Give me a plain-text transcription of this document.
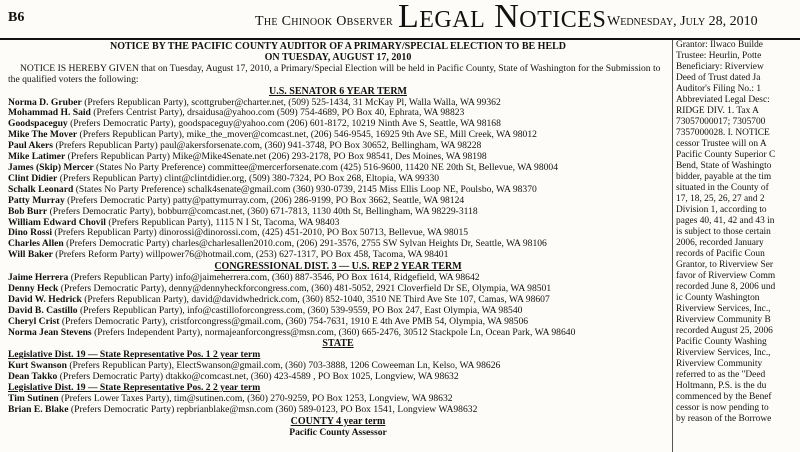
B6	The Chinook Observer Legal Notices Wednesday, July 28, 2010
NOTICE BY THE PACIFIC COUNTY AUDITOR OF A PRIMARY/SPECIAL ELECTION TO BE HELD
ON TUESDAY, AUGUST 17, 2010

NOTICE IS HEREBY GIVEN that on Tuesday, August 17, 2010, a Primary/Special Election will be held in Pacific County, State of Washington for the Submission to the qualified voters the following:

U.S. SENATOR 6 YEAR TERM
Norma D. Gruber (Prefers Republican Party), scottgruber@charter.net, (509) 525-1434, 31 McKay Pl, Walla Walla, WA 99362
Mohammad H. Said (Prefers Centrist Party), drsaidusa@yahoo.com (509) 754-4689, PO Box 40, Ephrata, WA 98823
Goodspaceguy (Prefers Democratic Party), goodspaceguy@yahoo.com (206) 601-8172, 10219 Ninth Ave S, Seattle, WA 98168
Mike The Mover (Prefers Republican Party), mike_the_mover@comcast.net, (206) 546-9545, 16925 9th Ave SE, Mill Creek, WA 98012
Paul Akers (Prefers Republican Party) paul@akersforsenate.com, (360) 941-3748, PO Box 30652, Bellingham, WA 98228
Mike Latimer (Prefers Republican Party) Mike@Mike4Senate.net (206) 293-2178, PO Box 98541, Des Moines, WA 98198
James (Skip) Mercer (States No Party Preference) committee@mercerforsenate.com (425) 516-9600, 11420 NE 20th St, Bellevue, WA 98004
Clint Didier (Prefers Republican Party) clint@clintdidier.org, (509) 380-7324, PO Box 268, Eltopia, WA 99330
Schalk Leonard (States No Party Preference) schalk4senate@gmail.com (360) 930-0739, 2145 Miss Ellis Loop NE, Poulsbo, WA 98370
Patty Murray (Prefers Democratic Party) patty@pattymurray.com, (206) 286-9199, PO Box 3662, Seattle, WA 98124
Bob Burr (Prefers Democratic Party), bobburr@comcast.net, (360) 671-7813, 1130 40th St, Bellingham, WA 98229-3118
William Edward Chovil (Prefers Republican Party), 1115 N I St, Tacoma, WA 98403
Dino Rossi (Prefers Republican Party) dinorossi@dinorossi.com, (425) 451-2010, PO Box 50713, Bellevue, WA 98015
Charles Allen (Prefers Democratic Party) charles@charlesallen2010.com, (206) 291-3576, 2755 SW Sylvan Heights Dr, Seattle, WA 98106
Will Baker (Prefers Reform Party) willpower76@hotmail.com, (253) 627-1317, PO Box 458, Tacoma, WA 98401
CONGRESSIONAL DIST. 3 — U.S. REP 2 YEAR TERM
Jaime Herrera (Prefers Republican Party) info@jaimeherrera.com, (360) 887-3546, PO Box 1614, Ridgefield, WA 98642
Denny Heck (Prefers Democratic Party), denny@dennyheckforcongress.com, (360) 481-5052, 2921 Cloverfield Dr SE, Olympia, WA 98501
David W. Hedrick (Prefers Republican Party), david@davidwhedrick.com, (360) 852-1040, 3510 NE Third Ave Ste 107, Camas, WA 98607
David B. Castillo (Prefers Republican Party), info@castilloforcongress.com, (360) 539-9559, PO Box 247, East Olympia, WA 98540
Cheryl Crist (Prefers Democratic Party), cristforcongress@gmail.com, (360) 754-7631, 1910 E 4th Ave PMB 54, Olympia, WA 98506
Norma Jean Stevens (Prefers Independent Party), normajeanforcongress@msn.com, (360) 665-2476, 30512 Stackpole Ln, Ocean Park, WA 98640
STATE
Legislative Dist. 19 — State Representative Pos. 1 2 year term
Kurt Swanson (Prefers Republican Party), ElectSwanson@gmail.com, (360) 703-3888, 1206 Coweeman Ln, Kelso, WA 98626
Dean Takko (Prefers Democratic Party) dtakko@comcast.net, (360) 423-4589 , PO Box 1025, Longview, WA 98632
Legislative Dist. 19 — State Representative Pos. 2 2 year term
Tim Sutinen (Prefers Lower Taxes Party), tim@sutinen.com, (360) 270-9259, PO Box 1253, Longview, WA 98632
Brian E. Blake (Prefers Democratic Party) repbrianblake@msn.com (360) 589-0123, PO Box 1541, Longview WA98632
COUNTY 4 year term
Pacific County Assessor
Grantor: Ilwaco Builde
Trustee: Heurlin, Potte
Beneficiary: Riverview
Deed of Trust dated Ja
Auditor's Filing No.: 1
Abbreviated Legal Desc:
RIDGE DIV. 1. Tax A
73057000017; 7305700
7357000028. I. NOTICE
cessor Trustee will on A
Pacific County Superior C
Bend, State of Washingto
bidder, payable at the tim
situated in the County of
17, 18, 25, 26, 27 and 2
Division 1, according to
pages 40, 41, 42 and 43 in
is subject to those certain
2006, recorded January
records of Pacific Coun
Grantor, to Riverview Ser
favor of Riverview Comm
recorded June 8, 2006 und
ic County Washington
Riverview Services, Inc.,
Riverview Community B
recorded August 25, 2006
Pacific County Washing
Riverview Services, Inc.,
Riverview Community
referred to as the "Deed
Holtmann, P.S. is the du
commenced by the Benef
cessor is now pending to
by reason of the Borrowe
